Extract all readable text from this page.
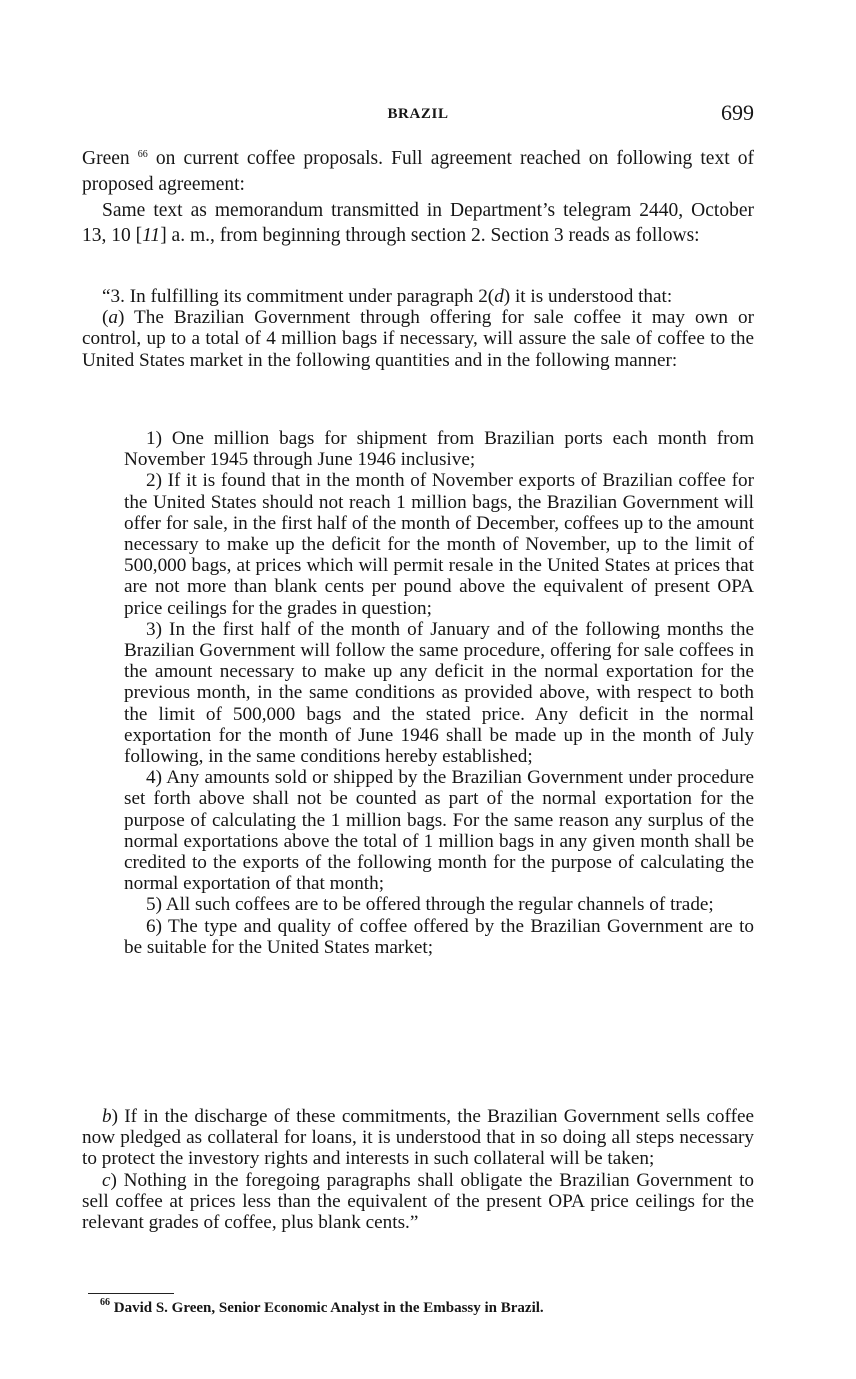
BRAZIL	699

Green $^{66}$ on current coffee proposals. Full agreement reached on following text of proposed agreement:

Same text as memorandum transmitted in Department’s telegram 2440, October 13, 10 [11] a. m., from beginning through section 2. Section 3 reads as follows:

“3. In fulfilling its commitment under paragraph 2(d) it is understood that:

(a) The Brazilian Government through offering for sale coffee it may own or control, up to a total of 4 million bags if necessary, will assure the sale of coffee to the United States market in the following quantities and in the following manner:

1) One million bags for shipment from Brazilian ports each month from November 1945 through June 1946 inclusive;

2) If it is found that in the month of November exports of Brazilian coffee for the United States should not reach 1 million bags, the Brazilian Government will offer for sale, in the first half of the month of December, coffees up to the amount necessary to make up the deficit for the month of November, up to the limit of 500,000 bags, at prices which will permit resale in the United States at prices that are not more than blank cents per pound above the equivalent of present OPA price ceilings for the grades in question;

3) In the first half of the month of January and of the following months the Brazilian Government will follow the same procedure, offering for sale coffees in the amount necessary to make up any deficit in the normal exportation for the previous month, in the same conditions as provided above, with respect to both the limit of 500,000 bags and the stated price. Any deficit in the normal exportation for the month of June 1946 shall be made up in the month of July following, in the same conditions hereby established;

4) Any amounts sold or shipped by the Brazilian Government under procedure set forth above shall not be counted as part of the normal exportation for the purpose of calculating the 1 million bags. For the same reason any surplus of the normal exportations above the total of 1 million bags in any given month shall be credited to the exports of the following month for the purpose of calculating the normal exportation of that month;

5) All such coffees are to be offered through the regular channels of trade;

6) The type and quality of coffee offered by the Brazilian Government are to be suitable for the United States market;

b) If in the discharge of these commitments, the Brazilian Government sells coffee now pledged as collateral for loans, it is understood that in so doing all steps necessary to protect the investory rights and interests in such collateral will be taken;

c) Nothing in the foregoing paragraphs shall obligate the Brazilian Government to sell coffee at prices less than the equivalent of the present OPA price ceilings for the relevant grades of coffee, plus blank cents.”

$^{66}$ David S. Green, Senior Economic Analyst in the Embassy in Brazil.
